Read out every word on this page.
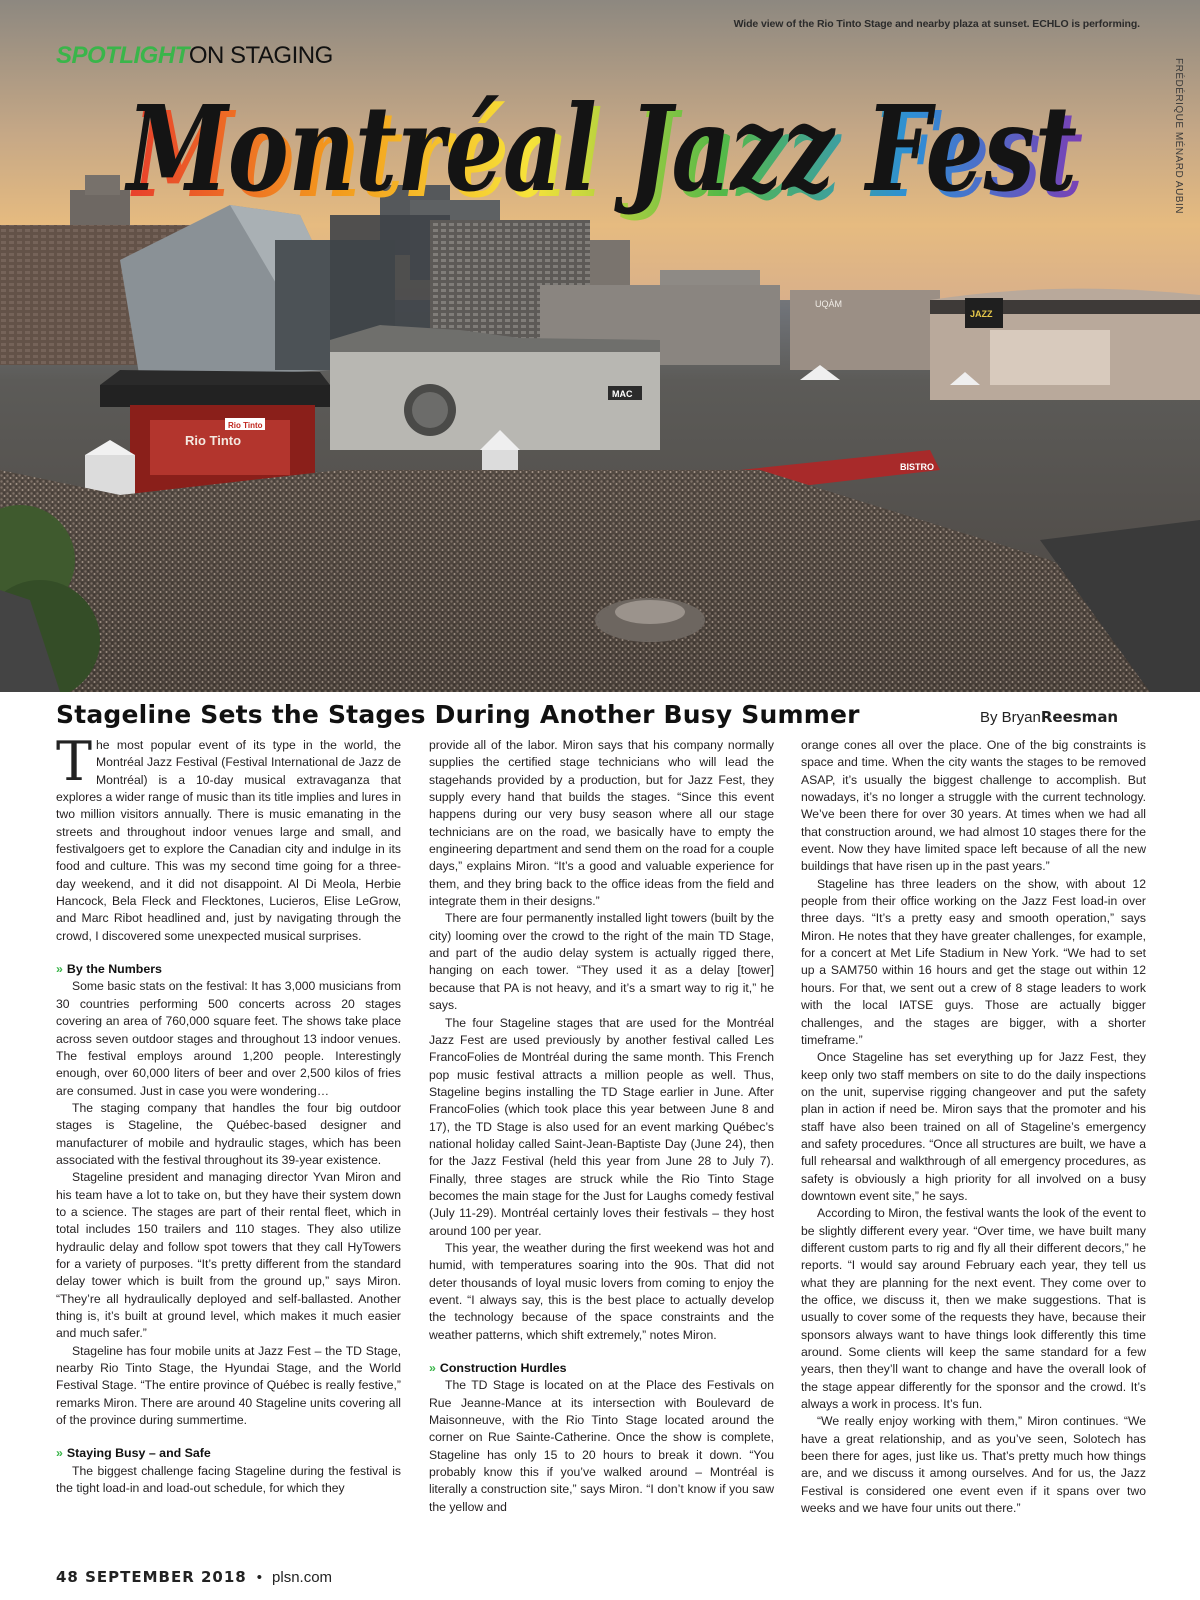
UQÀM
JAZZ
MAC
Rio Tinto
Rio Tinto
BISTRO
Wide view of the Rio Tinto Stage and nearby plaza at sunset. ECHLO is performing.
FRÉDÉRIQUE MÉNARD AUBIN
SPOTLIGHTON STAGING
Montréal Jazz Fest
Montréal Jazz Fest
Stageline Sets the Stages During Another Busy Summer	By BryanReesman

The most popular event of its type in the world, the Montréal Jazz Festival (Festival International de Jazz de Montréal) is a 10-day musical extravaganza that explores a wider range of music than its title implies and lures in two million visitors annually. There is music emanating in the streets and throughout indoor venues large and small, and festivalgoers get to explore the Canadian city and indulge in its food and culture. This was my second time going for a three-day weekend, and it did not disappoint. Al Di Meola, Herbie Hancock, Bela Fleck and Flecktones, Lucieros, Elise LeGrow, and Marc Ribot headlined and, just by navigating through the crowd, I discovered some unexpected musical surprises.

» By the Numbers

Some basic stats on the festival: It has 3,000 musicians from 30 countries performing 500 concerts across 20 stages covering an area of 760,000 square feet. The shows take place across seven outdoor stages and throughout 13 indoor venues. The festival employs around 1,200 people. Interestingly enough, over 60,000 liters of beer and over 2,500 kilos of fries are consumed. Just in case you were wondering…

The staging company that handles the four big outdoor stages is Stageline, the Québec-based designer and manufacturer of mobile and hydraulic stages, which has been associated with the festival throughout its 39-year existence.

Stageline president and managing director Yvan Miron and his team have a lot to take on, but they have their system down to a science. The stages are part of their rental fleet, which in total includes 150 trailers and 110 stages. They also utilize hydraulic delay and follow spot towers that they call HyTowers for a variety of purposes. “It’s pretty different from the standard delay tower which is built from the ground up,” says Miron. “They’re all hydraulically deployed and self-ballasted. Another thing is, it’s built at ground level, which makes it much easier and much safer.”

Stageline has four mobile units at Jazz Fest – the TD Stage, nearby Rio Tinto Stage, the Hyundai Stage, and the World Festival Stage. “The entire province of Québec is really festive,” remarks Miron. There are around 40 Stageline units covering all of the province during summertime.

» Staying Busy – and Safe

The biggest challenge facing Stageline during the festival is the tight load-in and load-out schedule, for which they

provide all of the labor. Miron says that his company normally supplies the certified stage technicians who will lead the stagehands provided by a production, but for Jazz Fest, they supply every hand that builds the stages. “Since this event happens during our very busy season where all our stage technicians are on the road, we basically have to empty the engineering department and send them on the road for a couple days,” explains Miron. “It’s a good and valuable experience for them, and they bring back to the office ideas from the field and integrate them in their designs.”

There are four permanently installed light towers (built by the city) looming over the crowd to the right of the main TD Stage, and part of the audio delay system is actually rigged there, hanging on each tower. “They used it as a delay [tower] because that PA is not heavy, and it’s a smart way to rig it,” he says.

The four Stageline stages that are used for the Montréal Jazz Fest are used previously by another festival called Les FrancoFolies de Montréal during the same month. This French pop music festival attracts a million people as well. Thus, Stageline begins installing the TD Stage earlier in June. After FrancoFolies (which took place this year between June 8 and 17), the TD Stage is also used for an event marking Québec’s national holiday called Saint-Jean-Baptiste Day (June 24), then for the Jazz Festival (held this year from June 28 to July 7). Finally, three stages are struck while the Rio Tinto Stage becomes the main stage for the Just for Laughs comedy festival (July 11-29). Montréal certainly loves their festivals – they host around 100 per year.

This year, the weather during the first weekend was hot and humid, with temperatures soaring into the 90s. That did not deter thousands of loyal music lovers from coming to enjoy the event. “I always say, this is the best place to actually develop the technology because of the space constraints and the weather patterns, which shift extremely,” notes Miron.

» Construction Hurdles

The TD Stage is located on at the Place des Festivals on Rue Jeanne-Mance at its intersection with Boulevard de Maisonneuve, with the Rio Tinto Stage located around the corner on Rue Sainte-Catherine. Once the show is complete, Stageline has only 15 to 20 hours to break it down. “You probably know this if you’ve walked around – Montréal is literally a construction site,” says Miron. “I don’t know if you saw the yellow and

orange cones all over the place. One of the big constraints is space and time. When the city wants the stages to be removed ASAP, it’s usually the biggest challenge to accomplish. But nowadays, it’s no longer a struggle with the current technology. We’ve been there for over 30 years. At times when we had all that construction around, we had almost 10 stages there for the event. Now they have limited space left because of all the new buildings that have risen up in the past years.”

Stageline has three leaders on the show, with about 12 people from their office working on the Jazz Fest load-in over three days. “It’s a pretty easy and smooth operation,” says Miron. He notes that they have greater challenges, for example, for a concert at Met Life Stadium in New York. “We had to set up a SAM750 within 16 hours and get the stage out within 12 hours. For that, we sent out a crew of 8 stage leaders to work with the local IATSE guys. Those are actually bigger challenges, and the stages are bigger, with a shorter timeframe.”

Once Stageline has set everything up for Jazz Fest, they keep only two staff members on site to do the daily inspections on the unit, supervise rigging changeover and put the safety plan in action if need be. Miron says that the promoter and his staff have also been trained on all of Stageline’s emergency and safety procedures. “Once all structures are built, we have a full rehearsal and walkthrough of all emergency procedures, as safety is obviously a high priority for all involved on a busy downtown event site,” he says.

According to Miron, the festival wants the look of the event to be slightly different every year. “Over time, we have built many different custom parts to rig and fly all their different decors,” he reports. “I would say around February each year, they tell us what they are planning for the next event. They come over to the office, we discuss it, then we make suggestions. That is usually to cover some of the requests they have, because their sponsors always want to have things look differently this time around. Some clients will keep the same standard for a few years, then they’ll want to change and have the overall look of the stage appear differently for the sponsor and the crowd. It’s always a work in process. It’s fun.

“We really enjoy working with them,” Miron continues. “We have a great relationship, and as you’ve seen, Solotech has been there for ages, just like us. That’s pretty much how things are, and we discuss it among ourselves. And for us, the Jazz Festival is considered one event even if it spans over two weeks and we have four units out there.”

48 SEPTEMBER 2018 • plsn.com
